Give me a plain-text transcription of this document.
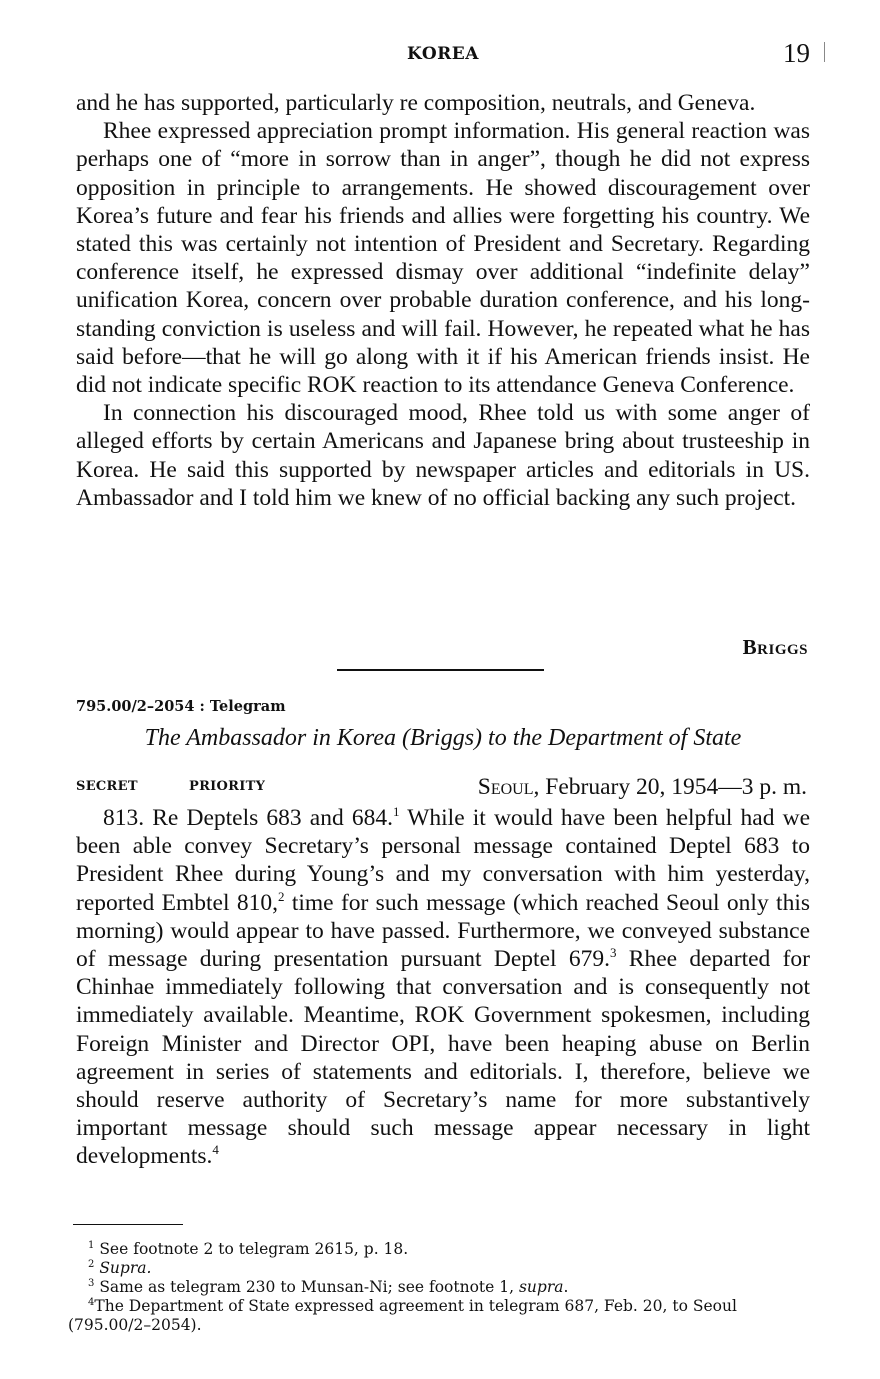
KOREA	19

and he has supported, particularly re composition, neutrals, and Geneva.

Rhee expressed appreciation prompt information. His general reaction was perhaps one of “more in sorrow than in anger”, though he did not express opposition in principle to arrangements. He showed discouragement over Korea’s future and fear his friends and allies were forgetting his country. We stated this was certainly not intention of President and Secretary. Regarding conference itself, he expressed dismay over additional “indefinite delay” unification Korea, concern over probable duration conference, and his long-standing conviction is useless and will fail. However, he repeated what he has said before—that he will go along with it if his American friends insist. He did not indicate specific ROK reaction to its attendance Geneva Conference.

In connection his discouraged mood, Rhee told us with some anger of alleged efforts by certain Americans and Japanese bring about trusteeship in Korea. He said this supported by newspaper articles and editorials in US. Ambassador and I told him we knew of no official backing any such project.

Briggs
795.00/2–2054 : Telegram
The Ambassador in Korea (Briggs) to the Department of State
SECRET	PRIORITY	Seoul, February 20, 1954—3 p. m.

813. Re Deptels 683 and 684.$^1$ While it would have been helpful had we been able convey Secretary’s personal message contained Deptel 683 to President Rhee during Young’s and my conversation with him yesterday, reported Embtel 810,$^2$ time for such message (which reached Seoul only this morning) would appear to have passed. Furthermore, we conveyed substance of message during presentation pursuant Deptel 679.$^3$ Rhee departed for Chinhae immediately following that conversation and is consequently not immediately available. Meantime, ROK Government spokesmen, including Foreign Minister and Director OPI, have been heaping abuse on Berlin agreement in series of statements and editorials. I, therefore, believe we should reserve authority of Secretary’s name for more substantively important message should such message appear necessary in light developments.$^4$

$^1$ See footnote 2 to telegram 2615, p. 18.

$^2$ Supra.

$^3$ Same as telegram 230 to Munsan-Ni; see footnote 1, supra.

$^4$The Department of State expressed agreement in telegram 687, Feb. 20, to Seoul (795.00/2–2054).
